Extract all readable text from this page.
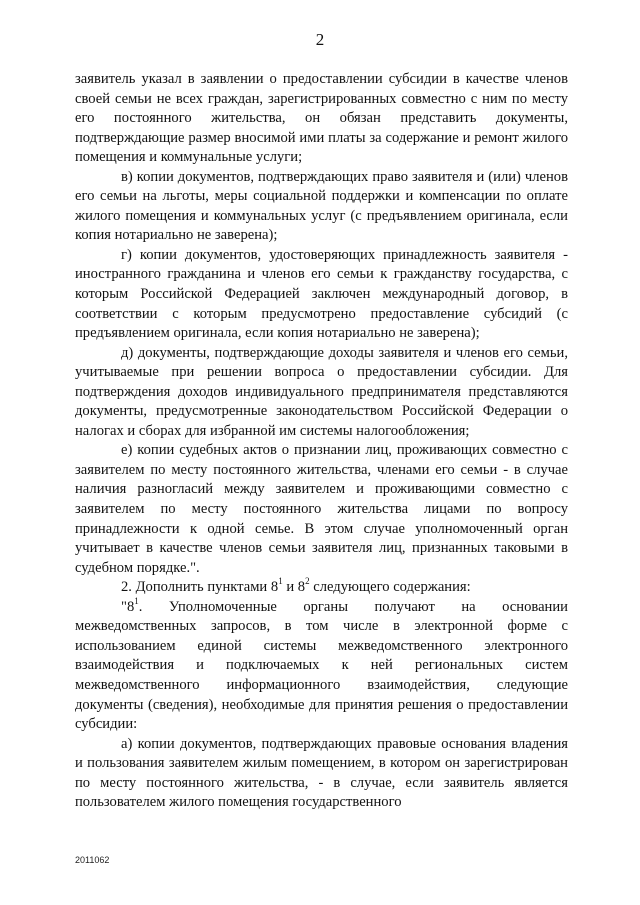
2

заявитель указал в заявлении о предоставлении субсидии в качестве членов своей семьи не всех граждан, зарегистрированных совместно с ним по месту его постоянного жительства, он обязан представить документы, подтверждающие размер вносимой ими платы за содержание и ремонт жилого помещения и коммунальные услуги;

в) копии документов, подтверждающих право заявителя и (или) членов его семьи на льготы, меры социальной поддержки и компенсации по оплате жилого помещения и коммунальных услуг (с предъявлением оригинала, если копия нотариально не заверена);

г) копии документов, удостоверяющих принадлежность заявителя - иностранного гражданина и членов его семьи к гражданству государства, с которым Российской Федерацией заключен международный договор, в соответствии с которым предусмотрено предоставление субсидий (с предъявлением оригинала, если копия нотариально не заверена);

д) документы, подтверждающие доходы заявителя и членов его семьи, учитываемые при решении вопроса о предоставлении субсидии. Для подтверждения доходов индивидуального предпринимателя представляются документы, предусмотренные законодательством Российской Федерации о налогах и сборах для избранной им системы налогообложения;

е) копии судебных актов о признании лиц, проживающих совместно с заявителем по месту постоянного жительства, членами его семьи - в случае наличия разногласий между заявителем и проживающими совместно с заявителем по месту постоянного жительства лицами по вопросу принадлежности к одной семье. В этом случае уполномоченный орган учитывает в качестве членов семьи заявителя лиц, признанных таковыми в судебном порядке.".

2. Дополнить пунктами $8^1$ и $8^2$ следующего содержания:

"$8^1$. Уполномоченные органы получают на основании межведомственных запросов, в том числе в электронной форме с использованием единой системы межведомственного электронного взаимодействия и подключаемых к ней региональных систем межведомственного информационного взаимодействия, следующие документы (сведения), необходимые для принятия решения о предоставлении субсидии:

а) копии документов, подтверждающих правовые основания владения и пользования заявителем жилым помещением, в котором он зарегистрирован по месту постоянного жительства, - в случае, если заявитель является пользователем жилого помещения государственного

2011062
